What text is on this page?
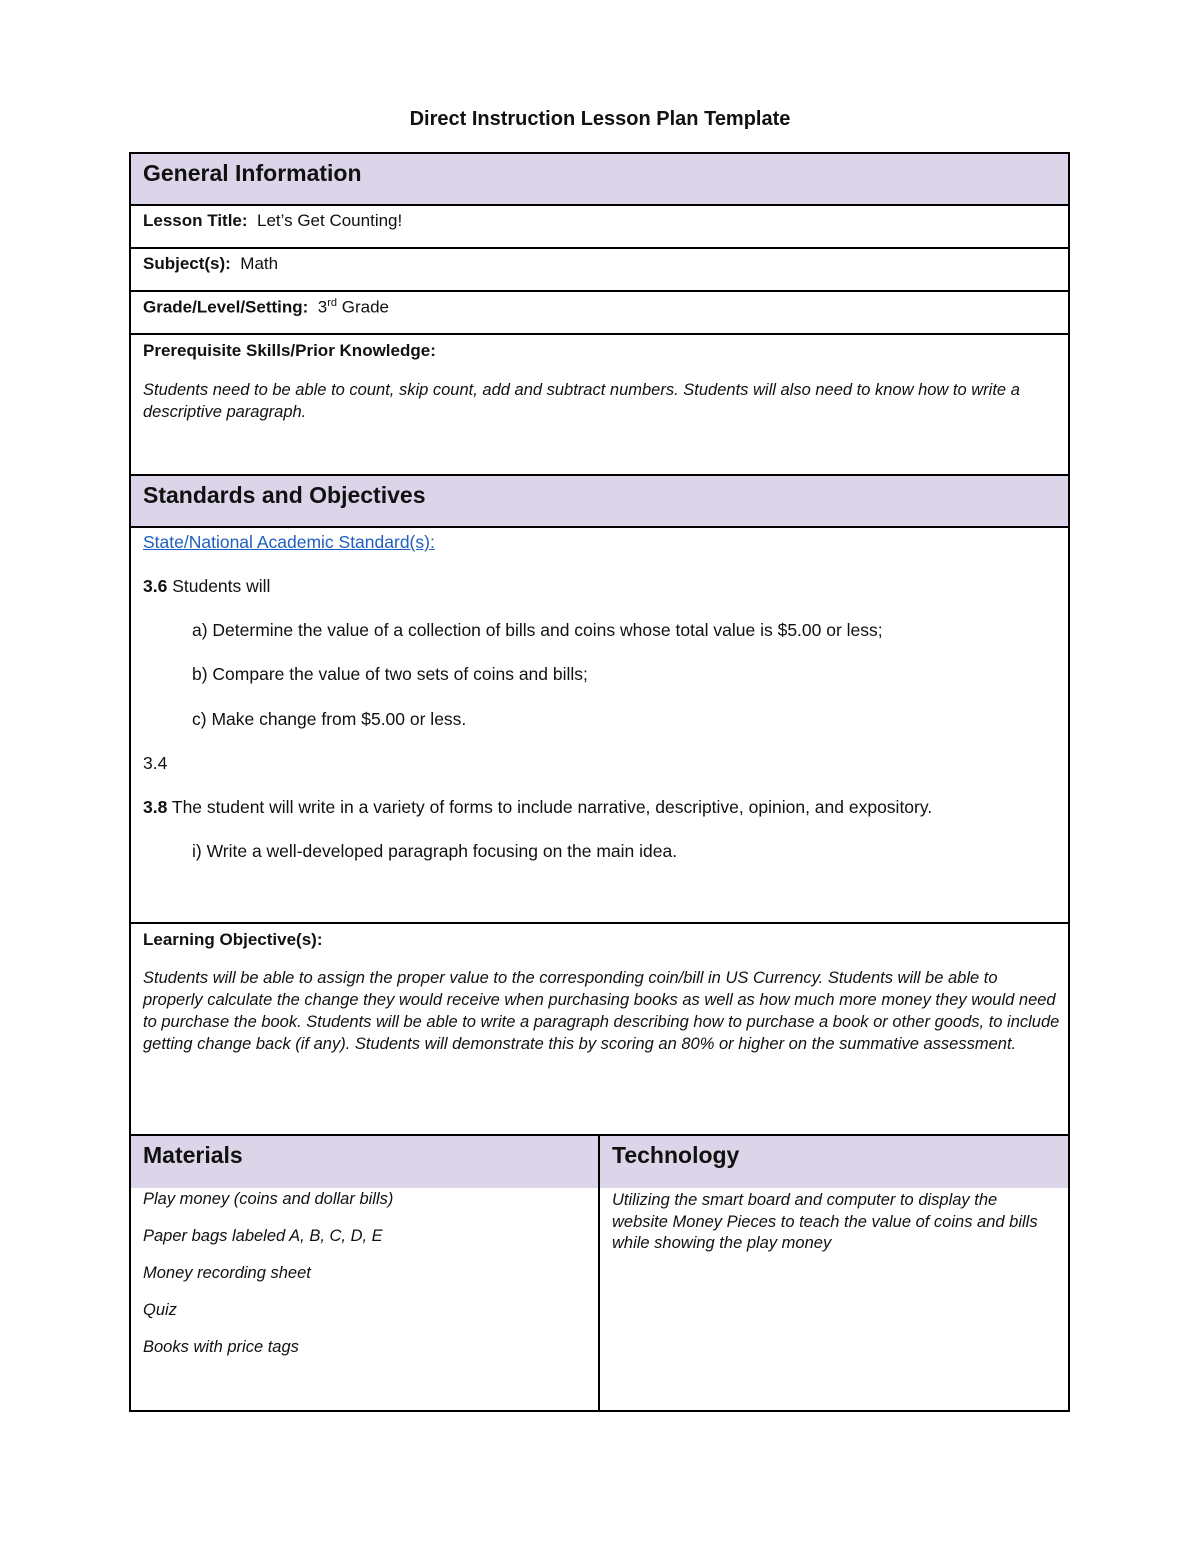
Direct Instruction Lesson Plan Template
General Information
Lesson Title: Let’s Get Counting!
Subject(s): Math
Grade/Level/Setting: 3rd Grade
Prerequisite Skills/Prior Knowledge:
Students need to be able to count, skip count, add and subtract numbers. Students will also need to know how to write a descriptive paragraph.
Standards and Objectives
State/National Academic Standard(s):
3.6 Students will
a) Determine the value of a collection of bills and coins whose total value is $5.00 or less;
b) Compare the value of two sets of coins and bills;
c) Make change from $5.00 or less.
3.4
3.8 The student will write in a variety of forms to include narrative, descriptive, opinion, and expository.
i) Write a well-developed paragraph focusing on the main idea.
Learning Objective(s):
Students will be able to assign the proper value to the corresponding coin/bill in US Currency. Students will be able to properly calculate the change they would receive when purchasing books as well as how much more money they would need to purchase the book. Students will be able to write a paragraph describing how to purchase a book or other goods, to include getting change back (if any). Students will demonstrate this by scoring an 80% or higher on the summative assessment.
Materials	Technology
Play money (coins and dollar bills)
Paper bags labeled A, B, C, D, E
Money recording sheet
Quiz
Books with price tags
Utilizing the smart board and computer to display the website Money Pieces to teach the value of coins and bills while showing the play money
